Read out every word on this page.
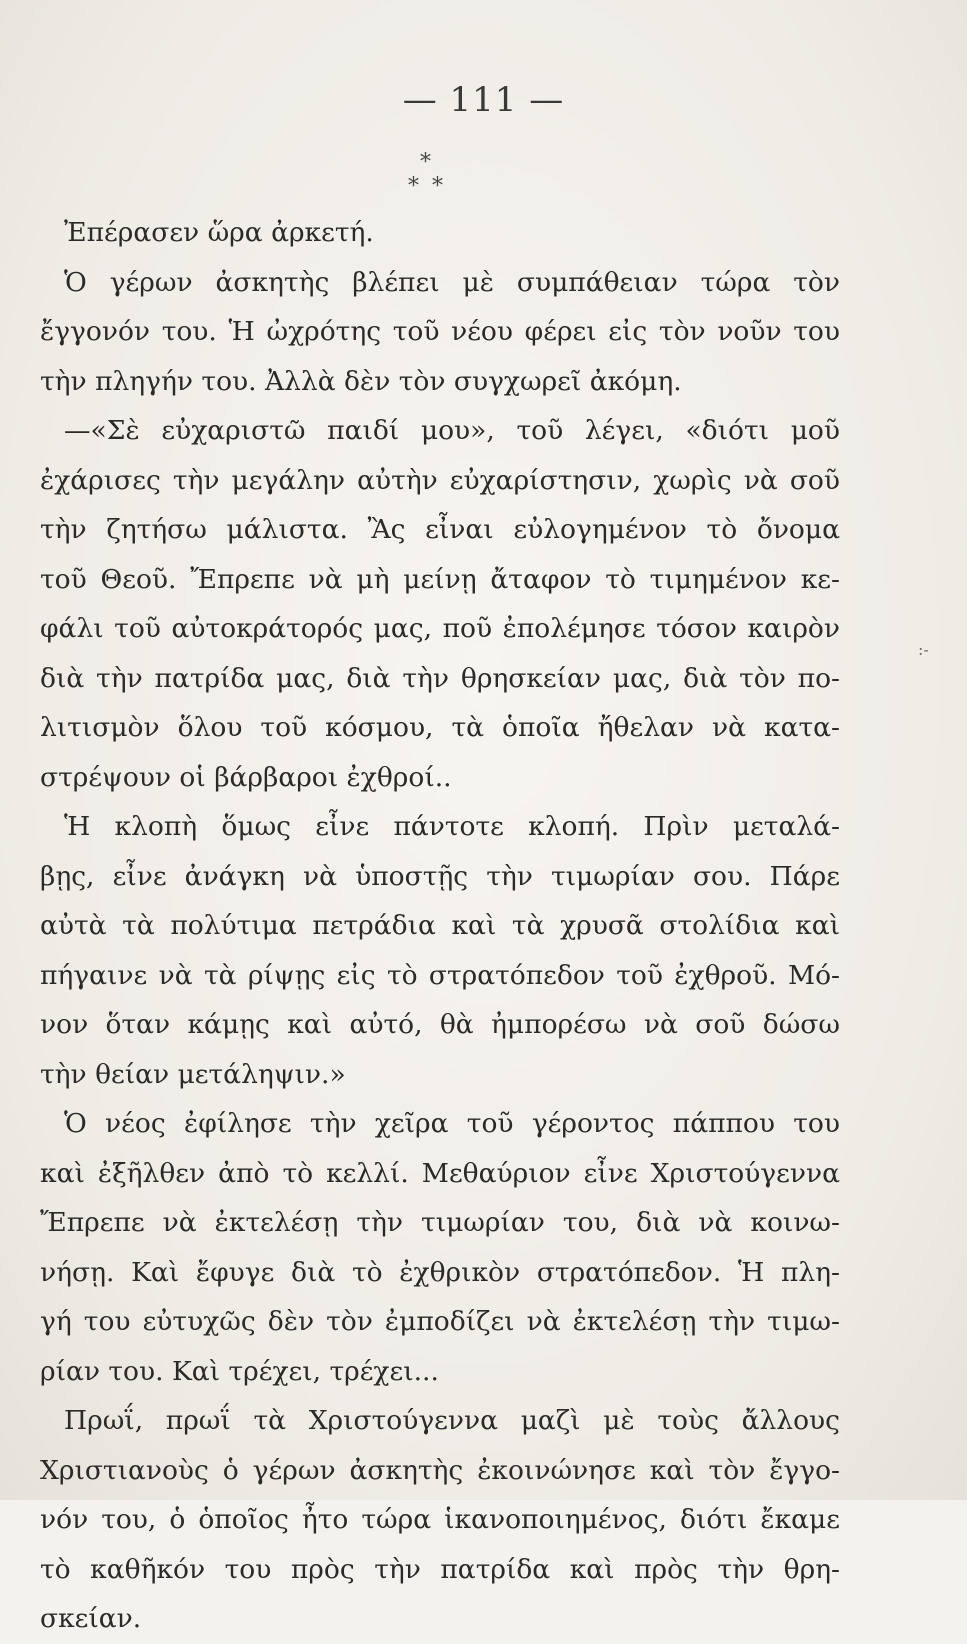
— 111 —
*
* *
Ἐπέρασεν ὥρα ἀρκετή.
Ὁ γέρων ἀσκητὴς βλέπει μὲ συμπάθειαν τώρα τὸν
ἔγγονόν του. Ἡ ὠχρότης τοῦ νέου φέρει εἰς τὸν νοῦν του
τὴν πληγήν του. Ἀλλὰ δὲν τὸν συγχωρεῖ ἀκόμη.
—«Σὲ εὐχαριστῶ παιδί μου», τοῦ λέγει, «διότι μοῦ
ἐχάρισες τὴν μεγάλην αὐτὴν εὐχαρίστησιν, χωρὶς νὰ σοῦ
τὴν ζητήσω μάλιστα. Ἂς εἶναι εὐλογημένον τὸ ὄνομα
τοῦ Θεοῦ. Ἔπρεπε νὰ μὴ μείνῃ ἄταφον τὸ τιμημένον κε-
φάλι τοῦ αὐτοκράτορός μας, ποῦ ἐπολέμησε τόσον καιρὸν
διὰ τὴν πατρίδα μας, διὰ τὴν θρησκείαν μας, διὰ τὸν πο-
λιτισμὸν ὅλου τοῦ κόσμου, τὰ ὁποῖα ἤθελαν νὰ κατα-
στρέψουν οἱ βάρβαροι ἐχθροί..
Ἡ κλοπὴ ὅμως εἶνε πάντοτε κλοπή. Πρὶν μεταλά-
βῃς, εἶνε ἀνάγκη νὰ ὑποστῇς τὴν τιμωρίαν σου. Πάρε
αὐτὰ τὰ πολύτιμα πετράδια καὶ τὰ χρυσᾶ στολίδια καὶ
πήγαινε νὰ τὰ ρίψῃς εἰς τὸ στρατόπεδον τοῦ ἐχθροῦ. Μό-
νον ὅταν κάμῃς καὶ αὐτό, θὰ ἠμπορέσω νὰ σοῦ δώσω
τὴν θείαν μετάληψιν.»
Ὁ νέος ἐφίλησε τὴν χεῖρα τοῦ γέροντος πάππου του
καὶ ἐξῆλθεν ἀπὸ τὸ κελλί. Μεθαύριον εἶνε Χριστούγεννα
Ἔπρεπε νὰ ἐκτελέσῃ τὴν τιμωρίαν του, διὰ νὰ κοινω-
νήσῃ. Καὶ ἔφυγε διὰ τὸ ἐχθρικὸν στρατόπεδον. Ἡ πλη-
γή του εὐτυχῶς δὲν τὸν ἐμποδίζει νὰ ἐκτελέσῃ τὴν τιμω-
ρίαν του. Καὶ τρέχει, τρέχει...
Πρωΐ, πρωΐ τὰ Χριστούγεννα μαζὶ μὲ τοὺς ἄλλους
Χριστιανοὺς ὁ γέρων ἀσκητὴς ἐκοινώνησε καὶ τὸν ἔγγο-
νόν του, ὁ ὁποῖος ἦτο τώρα ἱκανοποιημένος, διότι ἔκαμε
τὸ καθῆκόν του πρὸς τὴν πατρίδα καὶ πρὸς τὴν θρη-
σκείαν.
:-
